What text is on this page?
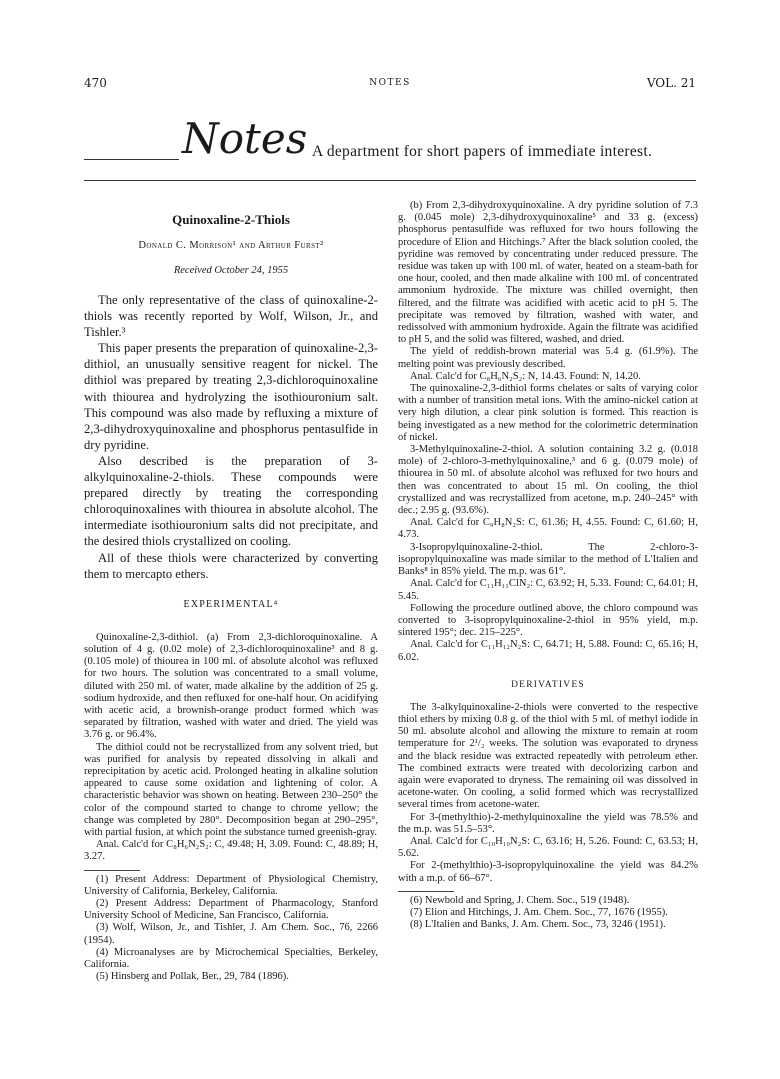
470	NOTES	VOL. 21
Notes A department for short papers of immediate interest.
Quinoxaline-2-Thiols
Donald C. Morrison¹ and Arthur Furst²
Received October 24, 1955

The only representative of the class of quinoxaline-2-thiols was recently reported by Wolf, Wilson, Jr., and Tishler.³

This paper presents the preparation of quinoxaline-2,3-dithiol, an unusually sensitive reagent for nickel. The dithiol was prepared by treating 2,3-dichloroquinoxaline with thiourea and hydrolyzing the isothiouronium salt. This compound was also made by refluxing a mixture of 2,3-dihydroxyquinoxaline and phosphorus pentasulfide in dry pyridine.

Also described is the preparation of 3-alkylquinoxaline-2-thiols. These compounds were prepared directly by treating the corresponding chloroquinoxalines with thiourea in absolute alcohol. The intermediate isothiouronium salts did not precipitate, and the desired thiols crystallized on cooling.

All of these thiols were characterized by converting them to mercapto ethers.

EXPERIMENTAL⁴

Quinoxaline-2,3-dithiol. (a) From 2,3-dichloroquinoxaline. A solution of 4 g. (0.02 mole) of 2,3-dichloroquinoxaline³ and 8 g. (0.105 mole) of thiourea in 100 ml. of absolute alcohol was refluxed for two hours. The solution was concentrated to a small volume, diluted with 250 ml. of water, made alkaline by the addition of 25 g. sodium hydroxide, and then refluxed for one-half hour. On acidifying with acetic acid, a brownish-orange product formed which was separated by filtration, washed with water and dried. The yield was 3.76 g. or 96.4%.

The dithiol could not be recrystallized from any solvent tried, but was purified for analysis by repeated dissolving in alkali and reprecipitation by acetic acid. Prolonged heating in alkaline solution appeared to cause some oxidation and lightening of color. A characteristic behavior was shown on heating. Between 230–250° the color of the compound started to change to chrome yellow; the change was completed by 280°. Decomposition began at 290–295°, with partial fusion, at which point the substance turned greenish-gray.

Anal. Calc'd for C₈H₆N₂S₂: C, 49.48; H, 3.09. Found: C, 48.89; H, 3.27.

(1) Present Address: Department of Physiological Chemistry, University of California, Berkeley, California.

(2) Present Address: Department of Pharmacology, Stanford University School of Medicine, San Francisco, California.

(3) Wolf, Wilson, Jr., and Tishler, J. Am Chem. Soc., 76, 2266 (1954).

(4) Microanalyses are by Microchemical Specialties, Berkeley, California.

(5) Hinsberg and Pollak, Ber., 29, 784 (1896).

(b) From 2,3-dihydroxyquinoxaline. A dry pyridine solution of 7.3 g. (0.045 mole) 2,3-dihydroxyquinoxaline⁵ and 33 g. (excess) phosphorus pentasulfide was refluxed for two hours following the procedure of Elion and Hitchings.⁷ After the black solution cooled, the pyridine was removed by concentrating under reduced pressure. The residue was taken up with 100 ml. of water, heated on a steam-bath for one hour, cooled, and then made alkaline with 100 ml. of concentrated ammonium hydroxide. The mixture was chilled overnight, then filtered, and the filtrate was acidified with acetic acid to pH 5. The precipitate was removed by filtration, washed with water, and redissolved with ammonium hydroxide. Again the filtrate was acidified to pH 5, and the solid was filtered, washed, and dried.

The yield of reddish-brown material was 5.4 g. (61.9%). The melting point was previously described.

Anal. Calc'd for C₈H₆N₂S₂: N, 14.43. Found: N, 14.20.

The quinoxaline-2,3-dithiol forms chelates or salts of varying color with a number of transition metal ions. With the amino-nickel cation at very high dilution, a clear pink solution is formed. This reaction is being investigated as a new method for the colorimetric determination of nickel.

3-Methylquinoxaline-2-thiol. A solution containing 3.2 g. (0.018 mole) of 2-chloro-3-methylquinoxaline,³ and 6 g. (0.079 mole) of thiourea in 50 ml. of absolute alcohol was refluxed for two hours and then was concentrated to about 15 ml. On cooling, the thiol crystallized and was recrystallized from acetone, m.p. 240–245° with dec.; 2.95 g. (93.6%).

Anal. Calc'd for C₉H₈N₂S: C, 61.36; H, 4.55. Found: C, 61.60; H, 4.73.

3-Isopropylquinoxaline-2-thiol. The 2-chloro-3-isopropylquinoxaline was made similar to the method of L'Italien and Banks⁸ in 85% yield. The m.p. was 61°.

Anal. Calc'd for C₁₁H₁₁ClN₂: C, 63.92; H, 5.33. Found: C, 64.01; H, 5.45.

Following the procedure outlined above, the chloro compound was converted to 3-isopropylquinoxaline-2-thiol in 95% yield, m.p. sintered 195°; dec. 215–225°.

Anal. Calc'd for C₁₁H₁₂N₂S: C, 64.71; H, 5.88. Found: C, 65.16; H, 6.02.

DERIVATIVES

The 3-alkylquinoxaline-2-thiols were converted to the respective thiol ethers by mixing 0.8 g. of the thiol with 5 ml. of methyl iodide in 50 ml. absolute alcohol and allowing the mixture to remain at room temperature for 2¹/₂ weeks. The solution was evaporated to dryness and the black residue was extracted repeatedly with petroleum ether. The combined extracts were treated with decolorizing carbon and again were evaporated to dryness. The remaining oil was dissolved in acetone-water. On cooling, a solid formed which was recrystallized several times from acetone-water.

For 3-(methylthio)-2-methylquinoxaline the yield was 78.5% and the m.p. was 51.5–53°.

Anal. Calc'd for C₁₀H₁₀N₂S: C, 63.16; H, 5.26. Found: C, 63.53; H, 5.62.

For 2-(methylthio)-3-isopropylquinoxaline the yield was 84.2% with a m.p. of 66–67°.

(6) Newbold and Spring, J. Chem. Soc., 519 (1948).

(7) Elion and Hitchings, J. Am. Chem. Soc., 77, 1676 (1955).

(8) L'Italien and Banks, J. Am. Chem. Soc., 73, 3246 (1951).
